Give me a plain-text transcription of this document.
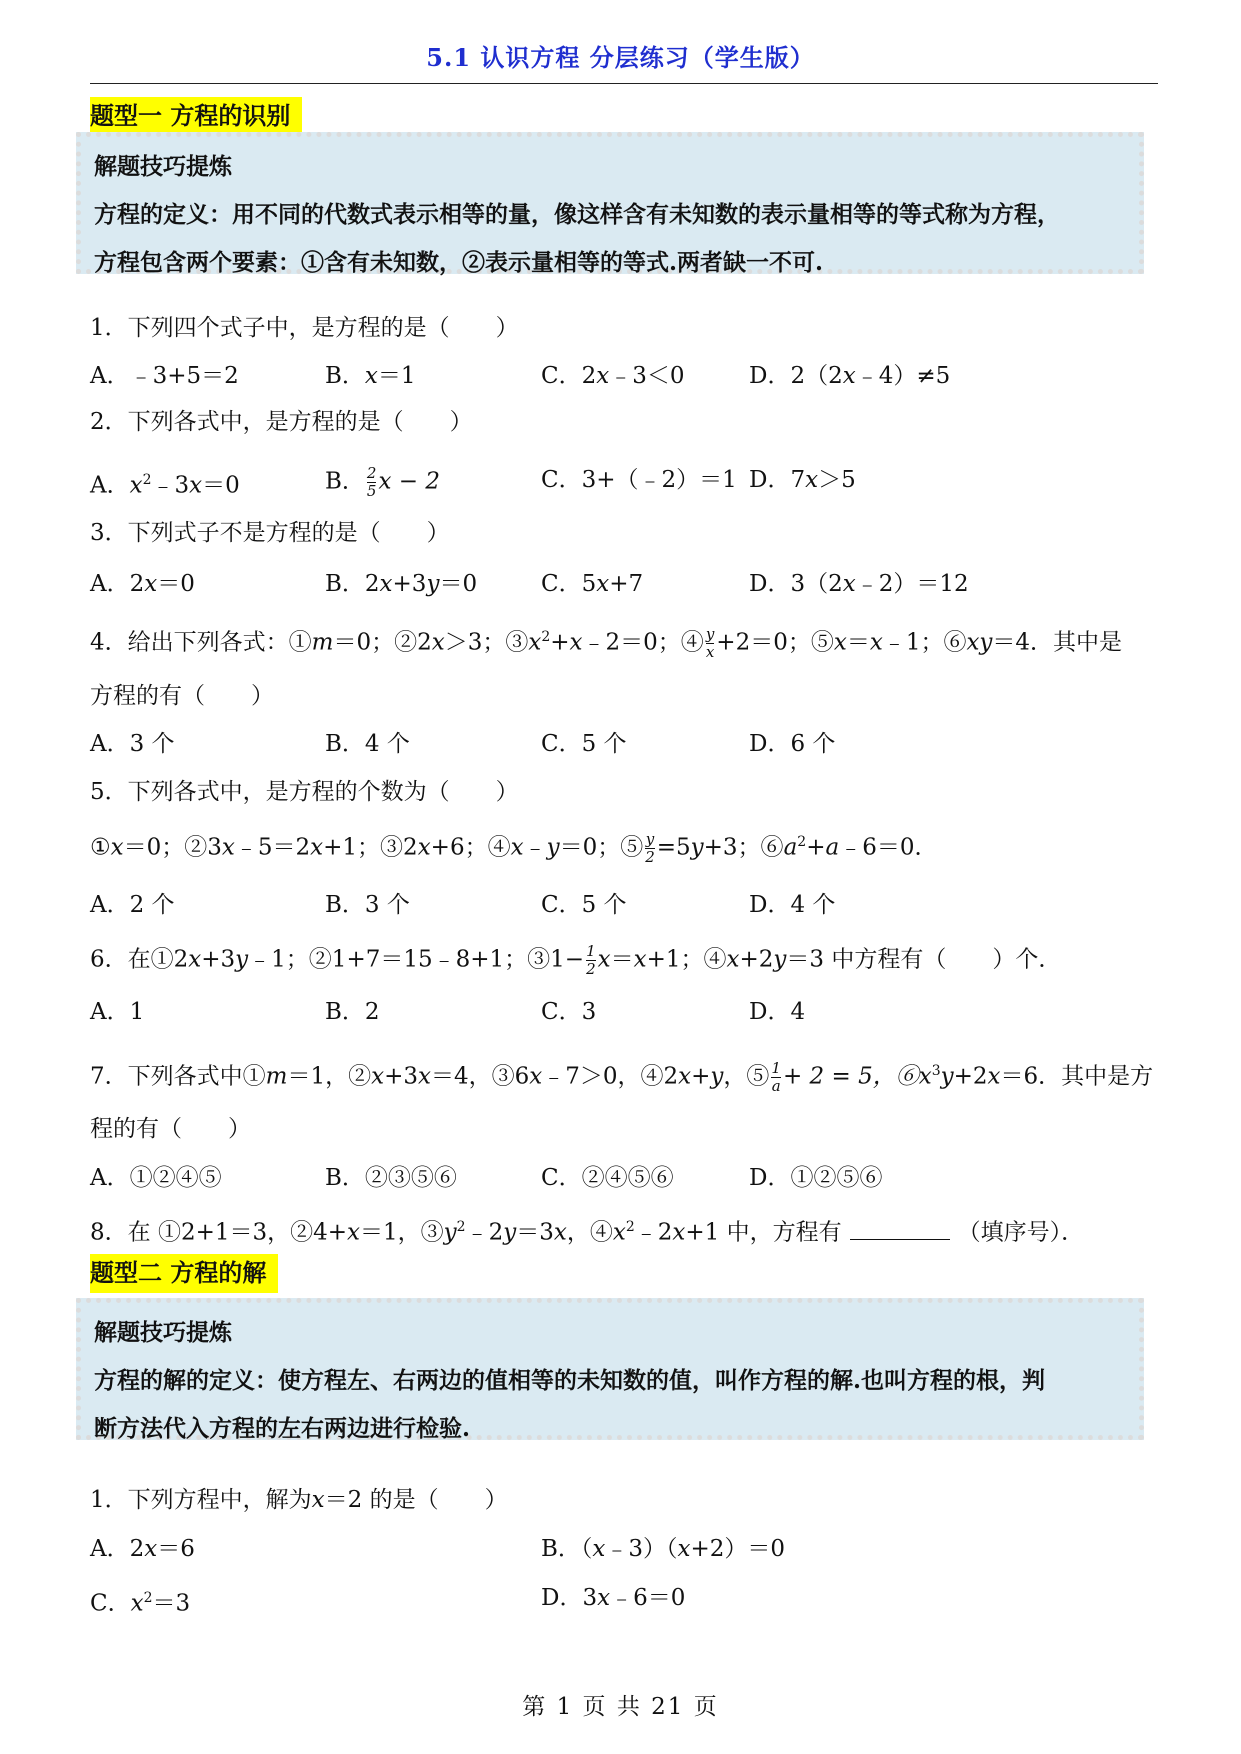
5.1 认识方程 分层练习（学生版）
题型一 方程的识别
解题技巧提炼
方程的定义：用不同的代数式表示相等的量，像这样含有未知数的表示量相等的等式称为方程，
方程包含两个要素：①含有未知数，②表示量相等的等式.两者缺一不可.
1．下列四个式子中，是方程的是（　　）
A．﹣3+5＝2	B．x＝1	C．2x﹣3＜0	D．2（2x﹣4）≠5
2．下列各式中，是方程的是（　　）
A．$x^2﹣3x=0$	B． $\frac{2}{5}$ x − 2	C．3+（﹣2）＝1 D．7x＞5
3．下列式子不是方程的是（　　）
A．2x＝0	B．2x+3y＝0	C．5x+7	D．3（2x﹣2）＝12
4．给出下列各式：①m＝0；②2x＞3；$③x^2+x﹣2=0$；④ $\frac{y}{x} +2=0$；⑤x＝x﹣1；⑥xy＝4．其中是
方程的有（　　）
A．3 个	B．4 个	C．5 个	D．6 个
5．下列各式中，是方程的个数为（　　）
①x＝0；②3x﹣5＝2x+1；③2x+6；④x﹣y＝0；⑤ $\frac{y}{2} =5y+3$；$⑥a^2+a﹣6=0$．
A．2 个	B．3 个	C．5 个	D．4 个
6．在①2x+3y﹣1；②1+7＝15﹣8+1；③1− $\frac{1}{2} x=x+1$；④x+2y＝3 中方程有（　　）个．
A．1	B．2	C．3	D．4
7．下列各式中①m＝1，②x+3x＝4，③6x﹣7＞0，④2x+y，⑤ $\frac{1}{a} + 2 = 5$，$⑥x^3y+2x=6$．其中是方
程的有（　　）
A．①②④⑤	B．②③⑤⑥	C．②④⑤⑥	D．①②⑤⑥
8．在 ①2+1＝3，②4+x＝1，$③y^2﹣2y=3x$，$④x^2﹣2x+1$ 中，方程有	（填序号）．
题型二 方程的解
解题技巧提炼
方程的解的定义：使方程左、右两边的值相等的未知数的值，叫作方程的解.也叫方程的根，判
断方法代入方程的左右两边进行检验.
1．下列方程中，解为x＝2 的是（　　）
A．2x＝6	B．（x﹣3）（x+2）＝0
C．$x^2=3$	D．3x﹣6＝0
第 1 页 共 21 页
